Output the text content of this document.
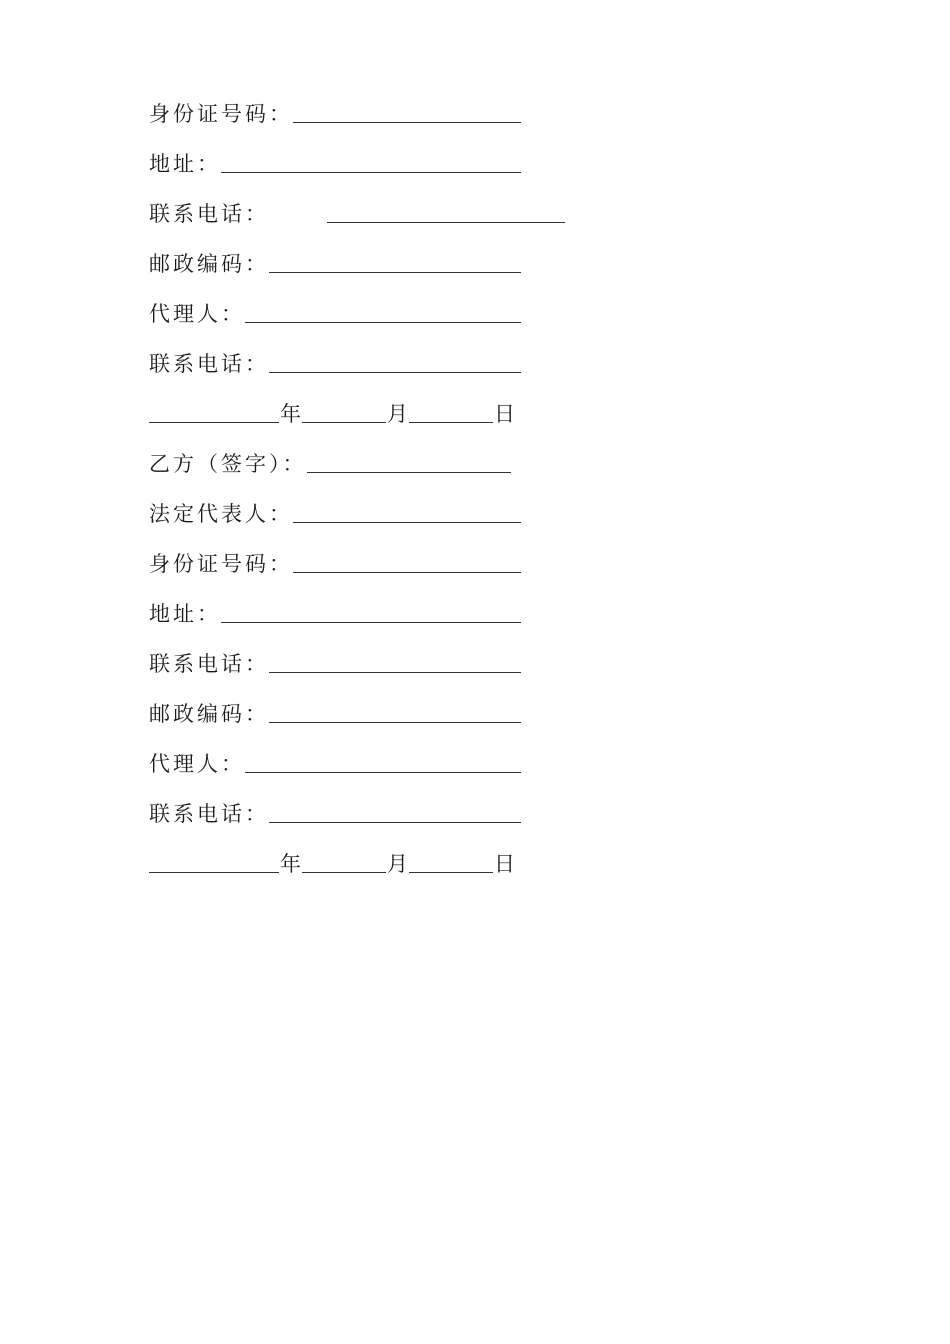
身份证号码：
地址：
联系电话：
邮政编码：
代理人：
联系电话：
年	月	日
乙方（签字）：
法定代表人：
身份证号码：
地址：
联系电话：
邮政编码：
代理人：
联系电话：
年	月	日
